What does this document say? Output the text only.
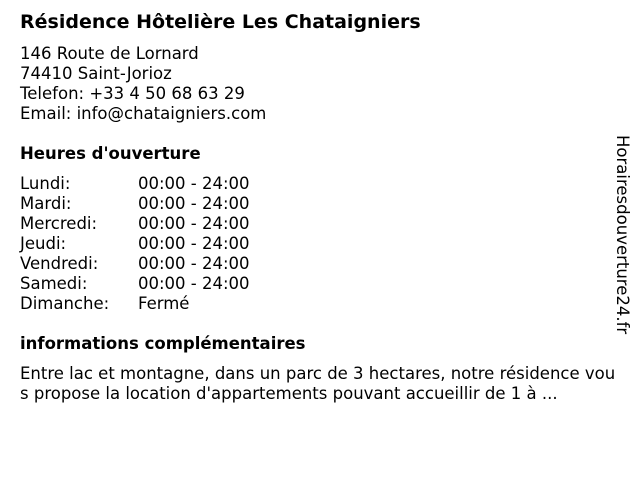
Résidence Hôtelière Les Chataigniers
146 Route de Lornard
74410 Saint-Jorioz
Telefon: +33 4 50 68 63 29
Email: info@chataigniers.com
Heures d'ouverture
Lundi:	00:00 - 24:00
Mardi:	00:00 - 24:00
Mercredi: 00:00 - 24:00
Jeudi:	00:00 - 24:00
Vendredi: 00:00 - 24:00
Samedi:	00:00 - 24:00
Dimanche: Fermé
informations complémentaires
Entre lac et montagne, dans un parc de 3 hectares, notre résidence vous propose la location d'appartements pouvant accueillir de 1 à ...
Horairesdouverture24.fr
